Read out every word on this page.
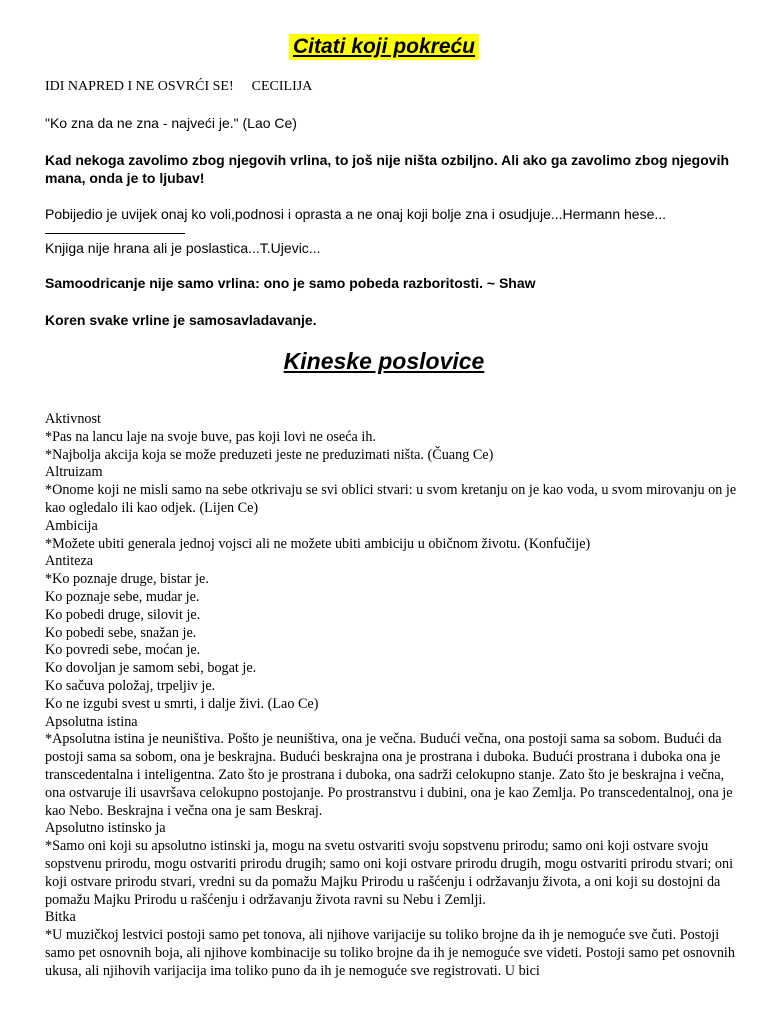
Citati koji pokreću
IDI NAPRED I NE OSVRĆI SE! CECILIJA
"Ko zna da ne zna - najveći je." (Lao Ce)
Kad nekoga zavolimo zbog njegovih vrlina, to još nije ništa ozbiljno. Ali ako ga zavolimo zbog njegovih mana, onda je to ljubav!
Pobijedio je uvijek onaj ko voli,podnosi i oprasta a ne onaj koji bolje zna i osudjuje...Hermann hese...
Knjiga nije hrana ali je poslastica...T.Ujevic...
Samoodricanje nije samo vrlina: ono je samo pobeda razboritosti. ~ Shaw
Koren svake vrline je samosavladavanje.
Kineske poslovice

Aktivnost

*Pas na lancu laje na svoje buve, pas koji lovi ne oseća ih.

*Najbolja akcija koja se može preduzeti jeste ne preduzimati ništa. (Čuang Ce)

Altruizam

*Onome koji ne misli samo na sebe otkrivaju se svi oblici stvari: u svom kretanju on je kao voda, u svom mirovanju on je kao ogledalo ili kao odjek. (Lijen Ce)

Ambicija

*Možete ubiti generala jednoj vojsci ali ne možete ubiti ambiciju u običnom životu. (Konfučije)

Antiteza

*Ko poznaje druge, bistar je.

Ko poznaje sebe, mudar je.

Ko pobedi druge, silovit je.

Ko pobedi sebe, snažan je.

Ko povredi sebe, moćan je.

Ko dovoljan je samom sebi, bogat je.

Ko sačuva položaj, trpeljiv je.

Ko ne izgubi svest u smrti, i dalje živi. (Lao Ce)

Apsolutna istina

*Apsolutna istina je neuništiva. Pošto je neuništiva, ona je večna. Budući večna, ona postoji sama sa sobom. Budući da postoji sama sa sobom, ona je beskrajna. Budući beskrajna ona je prostrana i duboka. Budući prostrana i duboka ona je transcedentalna i inteligentna. Zato što je prostrana i duboka, ona sadrži celokupno stanje. Zato što je beskrajna i večna, ona ostvaruje ili usavršava celokupno postojanje. Po prostranstvu i dubini, ona je kao Zemlja. Po transcedentalnoj, ona je kao Nebo. Beskrajna i večna ona je sam Beskraj.

Apsolutno istinsko ja

*Samo oni koji su apsolutno istinski ja, mogu na svetu ostvariti svoju sopstvenu prirodu; samo oni koji ostvare svoju sopstvenu prirodu, mogu ostvariti prirodu drugih; samo oni koji ostvare prirodu drugih, mogu ostvariti prirodu stvari; oni koji ostvare prirodu stvari, vredni su da pomažu Majku Prirodu u rašćenju i održavanju života, a oni koji su dostojni da pomažu Majku Prirodu u rašćenju i održavanju života ravni su Nebu i Zemlji.

Bitka

*U muzičkoj lestvici postoji samo pet tonova, ali njihove varijacije su toliko brojne da ih je nemoguće sve čuti. Postoji samo pet osnovnih boja, ali njihove kombinacije su toliko brojne da ih je nemoguće sve videti. Postoji samo pet osnovnih ukusa, ali njihovih varijacija ima toliko puno da ih je nemoguće sve registrovati. U bici
